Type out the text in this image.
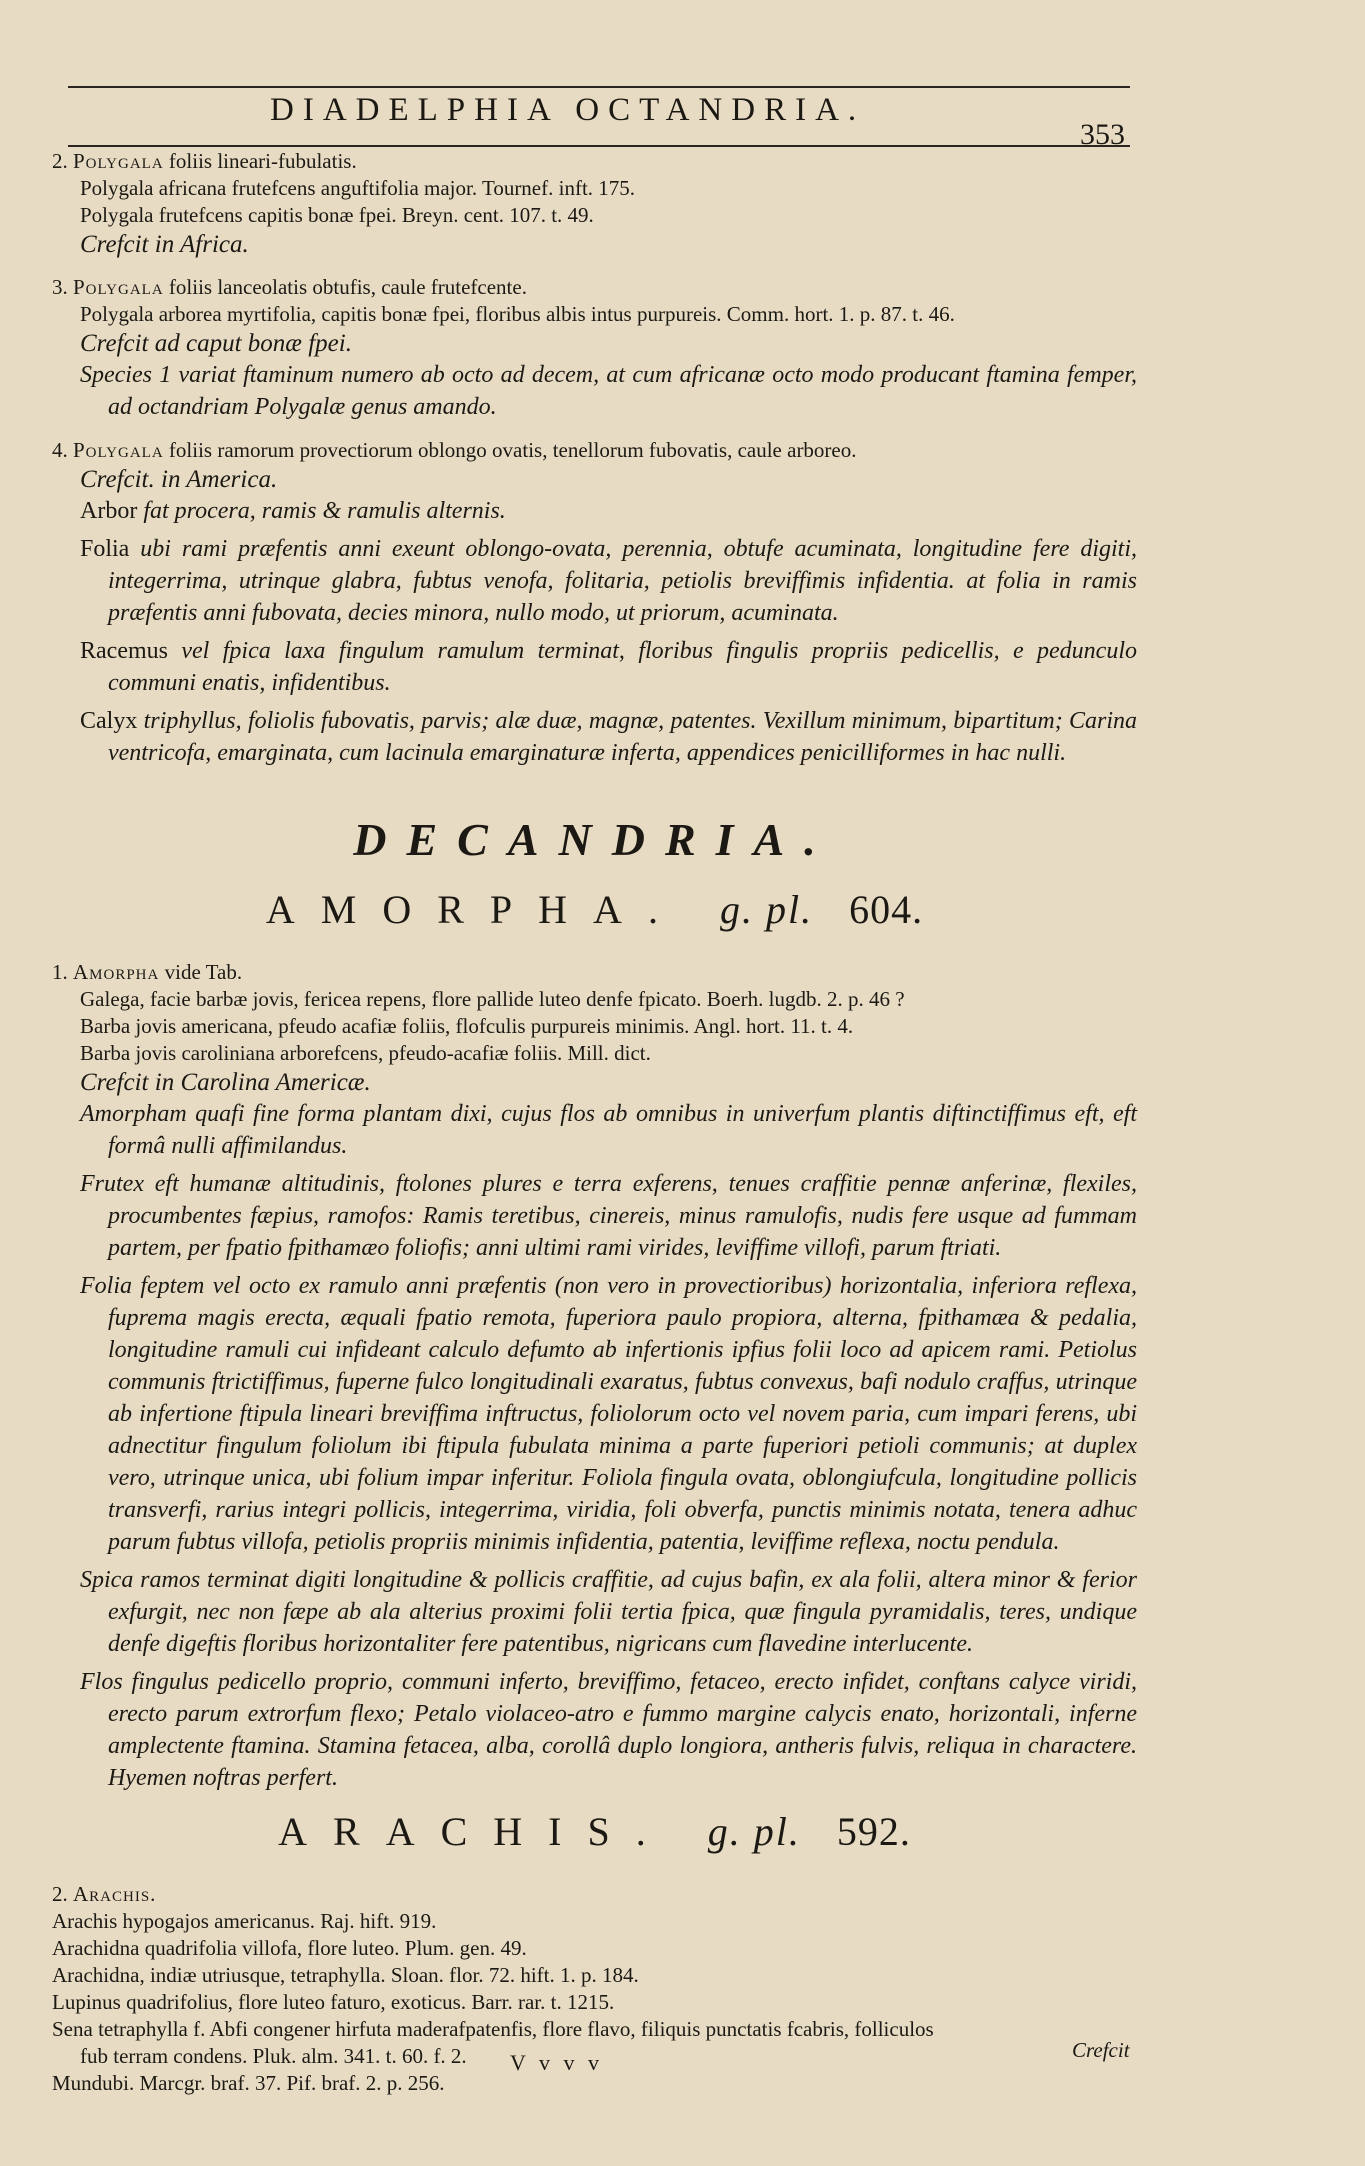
DIADELPHIA OCTANDRIA.
353

2. Polygala foliis lineari-fubulatis.

Polygala africana frutefcens anguftifolia major. Tournef. inft. 175.

Polygala frutefcens capitis bonæ fpei. Breyn. cent. 107. t. 49.

Crefcit in Africa.

3. Polygala foliis lanceolatis obtufis, caule frutefcente.

Polygala arborea myrtifolia, capitis bonæ fpei, floribus albis intus purpureis. Comm. hort. 1. p. 87. t. 46.

Crefcit ad caput bonæ fpei.

Species 1 variat ftaminum numero ab octo ad decem, at cum africanæ octo modo producant ftamina femper, ad octandriam Polygalæ genus amando.

4. Polygala foliis ramorum provectiorum oblongo ovatis, tenellorum fubovatis, caule arboreo.

Crefcit. in America.

Arbor fat procera, ramis & ramulis alternis.

Folia ubi rami præfentis anni exeunt oblongo-ovata, perennia, obtufe acuminata, longitudine fere digiti, integerrima, utrinque glabra, fubtus venofa, folitaria, petiolis breviffimis infidentia. at folia in ramis præfentis anni fubovata, decies minora, nullo modo, ut priorum, acuminata.

Racemus vel fpica laxa fingulum ramulum terminat, floribus fingulis propriis pedicellis, e pedunculo communi enatis, infidentibus.

Calyx triphyllus, foliolis fubovatis, parvis; alæ duæ, magnæ, patentes. Vexillum minimum, bipartitum; Carina ventricofa, emarginata, cum lacinula emarginaturæ inferta, appendices penicilliformes in hac nulli.

DECANDRIA.
AMORPHA. g. pl. 604.

1. Amorpha vide Tab.

Galega, facie barbæ jovis, fericea repens, flore pallide luteo denfe fpicato. Boerh. lugdb. 2. p. 46 ?

Barba jovis americana, pfeudo acafiæ foliis, flofculis purpureis minimis. Angl. hort. 11. t. 4.

Barba jovis caroliniana arborefcens, pfeudo-acafiæ foliis. Mill. dict.

Crefcit in Carolina Americæ.

Amorpham quafi fine forma plantam dixi, cujus flos ab omnibus in univerfum plantis diftinctiffimus eft, eft formâ nulli affimilandus.

Frutex eft humanæ altitudinis, ftolones plures e terra exferens, tenues craffitie pennæ anferinæ, flexiles, procumbentes fæpius, ramofos: Ramis teretibus, cinereis, minus ramulofis, nudis fere usque ad fummam partem, per fpatio fpithamæo foliofis; anni ultimi rami virides, leviffime villofi, parum ftriati.

Folia feptem vel octo ex ramulo anni præfentis (non vero in provectioribus) horizontalia, inferiora reflexa, fuprema magis erecta, æquali fpatio remota, fuperiora paulo propiora, alterna, fpithamæa & pedalia, longitudine ramuli cui infideant calculo defumto ab infertionis ipfius folii loco ad apicem rami. Petiolus communis ftrictiffimus, fuperne fulco longitudinali exaratus, fubtus convexus, bafi nodulo craffus, utrinque ab infertione ftipula lineari breviffima inftructus, foliolorum octo vel novem paria, cum impari ferens, ubi adnectitur fingulum foliolum ibi ftipula fubulata minima a parte fuperiori petioli communis; at duplex vero, utrinque unica, ubi folium impar inferitur. Foliola fingula ovata, oblongiufcula, longitudine pollicis transverfi, rarius integri pollicis, integerrima, viridia, foli obverfa, punctis minimis notata, tenera adhuc parum fubtus villofa, petiolis propriis minimis infidentia, patentia, leviffime reflexa, noctu pendula.

Spica ramos terminat digiti longitudine & pollicis craffitie, ad cujus bafin, ex ala folii, altera minor & ferior exfurgit, nec non fæpe ab ala alterius proximi folii tertia fpica, quæ fingula pyramidalis, teres, undique denfe digeftis floribus horizontaliter fere patentibus, nigricans cum flavedine interlucente.

Flos fingulus pedicello proprio, communi inferto, breviffimo, fetaceo, erecto infidet, conftans calyce viridi, erecto parum extrorfum flexo; Petalo violaceo-atro e fummo margine calycis enato, horizontali, inferne amplectente ftamina. Stamina fetacea, alba, corollâ duplo longiora, antheris fulvis, reliqua in charactere. Hyemen noftras perfert.

ARACHIS. g. pl. 592.

2. Arachis.

Arachis hypogajos americanus. Raj. hift. 919.

Arachidna quadrifolia villofa, flore luteo. Plum. gen. 49.

Arachidna, indiæ utriusque, tetraphylla. Sloan. flor. 72. hift. 1. p. 184.

Lupinus quadrifolius, flore luteo faturo, exoticus. Barr. rar. t. 1215.

Sena tetraphylla f. Abfi congener hirfuta maderafpatenfis, flore flavo, filiquis punctatis fcabris, folliculos

fub terram condens. Pluk. alm. 341. t. 60. f. 2.

Mundubi. Marcgr. braf. 37. Pif. braf. 2. p. 256.

V v v v	Crefcit
